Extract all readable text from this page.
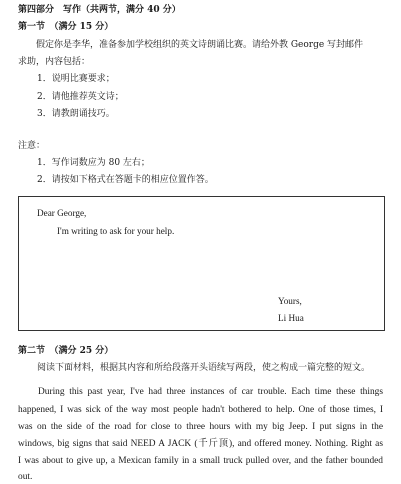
第四部分　写作（共两节，满分 40 分）
第一节　（满分 15 分）
假定你是李华，准备参加学校组织的英文诗朗诵比赛。请给外教 George 写封邮件
求助，内容包括：
1．说明比赛要求；
2．请他推荐英文诗；
3．请教朗诵技巧。
注意：
1．写作词数应为 80 左右；
2．请按如下格式在答题卡的相应位置作答。
Dear George,
I'm writing to ask for your help.
Yours,
Li Hua
第二节　（满分 25 分）
阅读下面材料，根据其内容和所给段落开头语续写两段，使之构成一篇完整的短文。
During this past year, I've had three instances of car trouble. Each time these things
happened, I was sick of the way most people hadn't bothered to help. One of those times, I
was on the side of the road for close to three hours with my big Jeep. I put signs in the
windows, big signs that said NEED A JACK (千斤顶), and offered money. Nothing. Right as
I was about to give up, a Mexican family in a small truck pulled over, and the father bounded
out.
